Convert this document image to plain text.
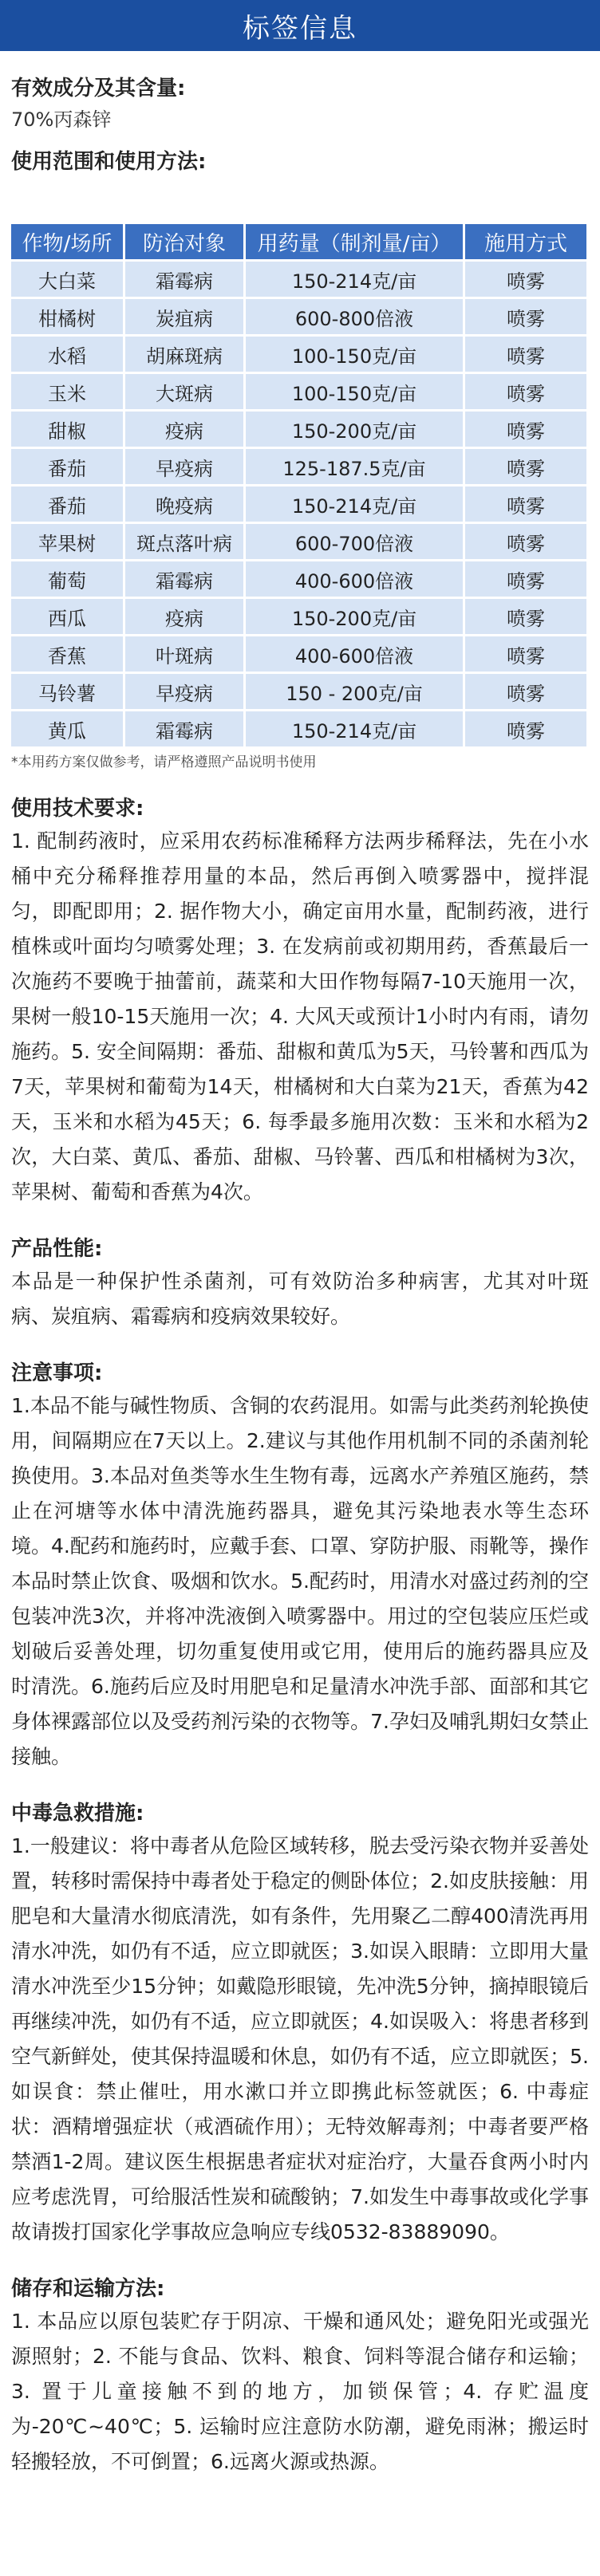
标签信息

有效成分及其含量:

70%丙森锌

使用范围和使用方法:

作物/场所	防治对象	用药量（制剂量/亩）	施用方式
大白菜	霜霉病	150-214克/亩	喷雾
柑橘树	炭疽病	600-800倍液	喷雾
水稻	胡麻斑病	100-150克/亩	喷雾
玉米	大斑病	100-150克/亩	喷雾
甜椒	疫病	150-200克/亩	喷雾
番茄	早疫病	125-187.5克/亩	喷雾
番茄	晚疫病	150-214克/亩	喷雾
苹果树	斑点落叶病	600-700倍液	喷雾
葡萄	霜霉病	400-600倍液	喷雾
西瓜	疫病	150-200克/亩	喷雾
香蕉	叶斑病	400-600倍液	喷雾
马铃薯	早疫病	150 - 200克/亩	喷雾
黄瓜	霜霉病	150-214克/亩	喷雾

*本用药方案仅做参考，请严格遵照产品说明书使用

使用技术要求:

1. 配制药液时，应采用农药标准稀释方法两步稀释法，先在小水桶中充分稀释推荐用量的本品，然后再倒入喷雾器中，搅拌混匀，即配即用；2. 据作物大小，确定亩用水量，配制药液，进行植株或叶面均匀喷雾处理；3. 在发病前或初期用药，香蕉最后一次施药不要晚于抽蕾前，蔬菜和大田作物每隔7-10天施用一次，果树一般10-15天施用一次；4. 大风天或预计1小时内有雨，请勿施药。5. 安全间隔期：番茄、甜椒和黄瓜为5天，马铃薯和西瓜为7天，苹果树和葡萄为14天，柑橘树和大白菜为21天，香蕉为42天，玉米和水稻为45天；6. 每季最多施用次数：玉米和水稻为2次，大白菜、黄瓜、番茄、甜椒、马铃薯、西瓜和柑橘树为3次，苹果树、葡萄和香蕉为4次。

产品性能:

本品是一种保护性杀菌剂，可有效防治多种病害，尤其对叶斑病、炭疽病、霜霉病和疫病效果较好。

注意事项:

1.本品不能与碱性物质、含铜的农药混用。如需与此类药剂轮换使用，间隔期应在7天以上。2.建议与其他作用机制不同的杀菌剂轮换使用。3.本品对鱼类等水生生物有毒，远离水产养殖区施药，禁止在河塘等水体中清洗施药器具，避免其污染地表水等生态环境。4.配药和施药时，应戴手套、口罩、穿防护服、雨靴等，操作本品时禁止饮食、吸烟和饮水。5.配药时，用清水对盛过药剂的空包装冲洗3次，并将冲洗液倒入喷雾器中。用过的空包装应压烂或划破后妥善处理，切勿重复使用或它用，使用后的施药器具应及时清洗。6.施药后应及时用肥皂和足量清水冲洗手部、面部和其它身体裸露部位以及受药剂污染的衣物等。7.孕妇及哺乳期妇女禁止接触。

中毒急救措施:

1.一般建议：将中毒者从危险区域转移，脱去受污染衣物并妥善处置，转移时需保持中毒者处于稳定的侧卧体位；2.如皮肤接触：用肥皂和大量清水彻底清洗，如有条件，先用聚乙二醇400清洗再用清水冲洗，如仍有不适，应立即就医；3.如误入眼睛：立即用大量清水冲洗至少15分钟；如戴隐形眼镜，先冲洗5分钟，摘掉眼镜后再继续冲洗，如仍有不适，应立即就医；4.如误吸入：将患者移到空气新鲜处，使其保持温暖和休息，如仍有不适，应立即就医；5.如误食：禁止催吐，用水漱口并立即携此标签就医；6. 中毒症状：酒精增强症状（戒酒硫作用）；无特效解毒剂；中毒者要严格禁酒1-2周。建议医生根据患者症状对症治疗，大量吞食两小时内应考虑洗胃，可给服活性炭和硫酸钠；7.如发生中毒事故或化学事故请拨打国家化学事故应急响应专线0532-83889090。

储存和运输方法:

1. 本品应以原包装贮存于阴凉、干燥和通风处；避免阳光或强光源照射；2. 不能与食品、饮料、粮食、饲料等混合储存和运输；3. 置于儿童接触不到的地方，加锁保管；4. 存贮温度为-20℃~40℃；5. 运输时应注意防水防潮，避免雨淋；搬运时轻搬轻放，不可倒置；6.远离火源或热源。
